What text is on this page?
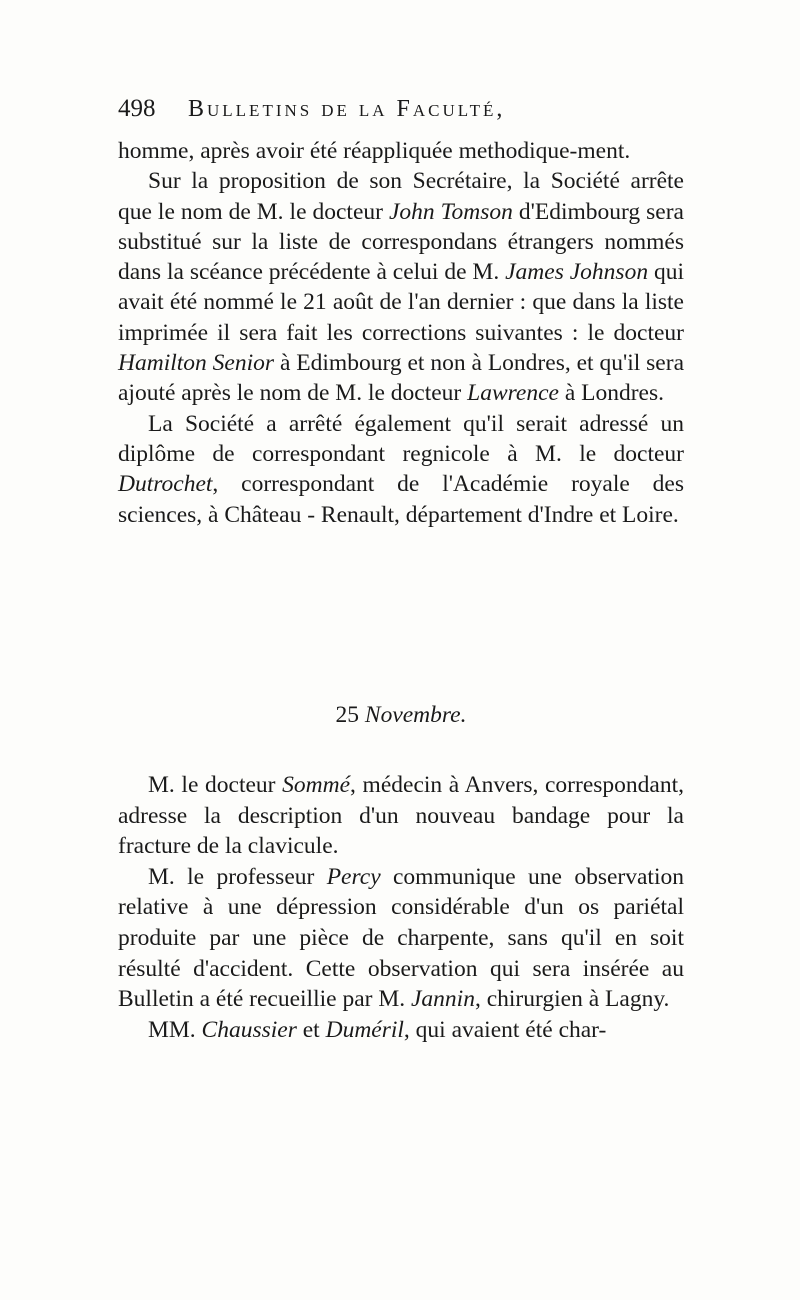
498 Bulletins de la Faculté,

homme, après avoir été réappliquée methodique-ment.

Sur la proposition de son Secrétaire, la Société arrête que le nom de M. le docteur John Tomson d'Edimbourg sera substitué sur la liste de correspondans étrangers nommés dans la scéance précédente à celui de M. James Johnson qui avait été nommé le 21 août de l'an dernier : que dans la liste imprimée il sera fait les corrections suivantes : le docteur Hamilton Senior à Edimbourg et non à Londres, et qu'il sera ajouté après le nom de M. le docteur Lawrence à Londres.

La Société a arrêté également qu'il serait adressé un diplôme de correspondant regnicole à M. le docteur Dutrochet, correspondant de l'Académie royale des sciences, à Château - Renault, département d'Indre et Loire.

25 Novembre.

M. le docteur Sommé, médecin à Anvers, correspondant, adresse la description d'un nouveau bandage pour la fracture de la clavicule.

M. le professeur Percy communique une observation relative à une dépression considérable d'un os pariétal produite par une pièce de charpente, sans qu'il en soit résulté d'accident. Cette observation qui sera insérée au Bulletin a été recueillie par M. Jannin, chirurgien à Lagny.

MM. Chaussier et Duméril, qui avaient été char-
